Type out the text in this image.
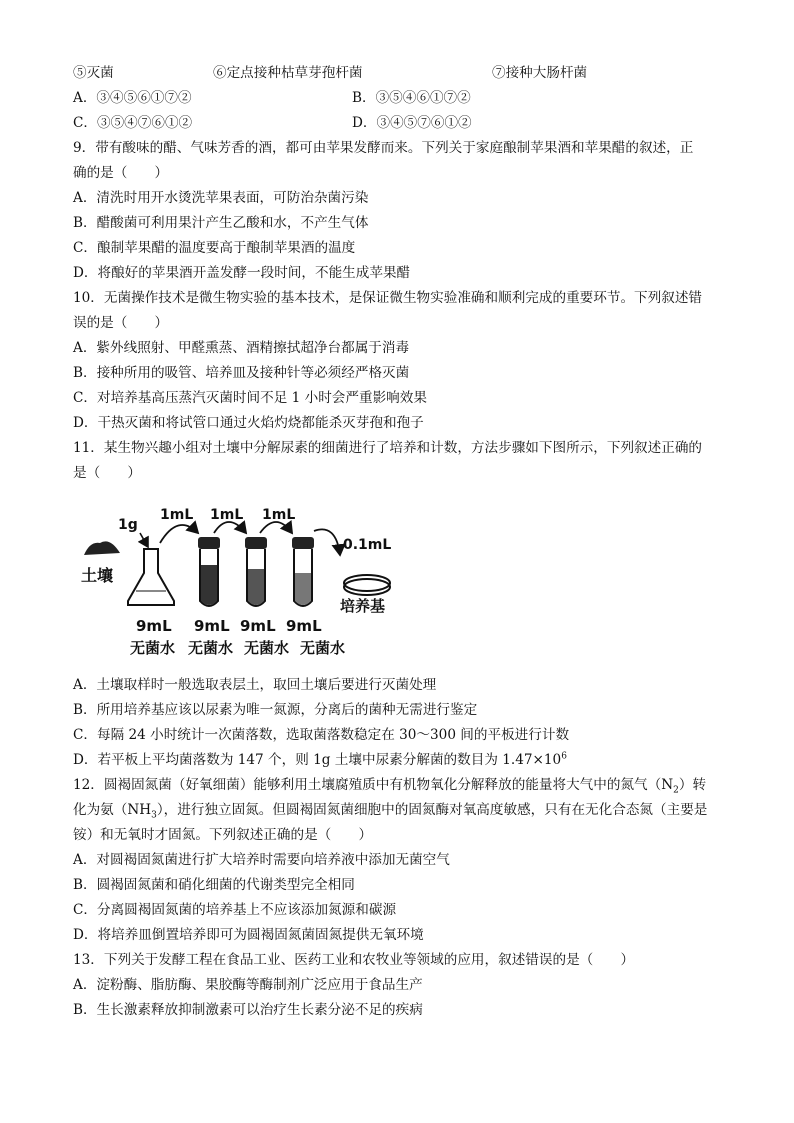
⑤灭菌	⑥定点接种枯草芽孢杆菌	⑦接种大肠杆菌
A．③④⑤⑥①⑦②	B．③⑤④⑥①⑦②
C．③⑤④⑦⑥①②	D．③④⑤⑦⑥①②
9．带有酸味的醋、气味芳香的酒，都可由苹果发酵而来。下列关于家庭酿制苹果酒和苹果醋的叙述，正
确的是（　　）
A．清洗时用开水烫洗苹果表面，可防治杂菌污染
B．醋酸菌可利用果汁产生乙酸和水，不产生气体
C．酿制苹果醋的温度要高于酿制苹果酒的温度
D．将酿好的苹果酒开盖发酵一段时间，不能生成苹果醋
10．无菌操作技术是微生物实验的基本技术，是保证微生物实验准确和顺利完成的重要环节。下列叙述错
误的是（　　）
A．紫外线照射、甲醛熏蒸、酒精擦拭超净台都属于消毒
B．接种所用的吸管、培养皿及接种针等必须经严格灭菌
C．对培养基高压蒸汽灭菌时间不足 1 小时会严重影响效果
D．干热灭菌和将试管口通过火焰灼烧都能杀灭芽孢和孢子
11．某生物兴趣小组对土壤中分解尿素的细菌进行了培养和计数，方法步骤如下图所示，下列叙述正确的
是（　　）
土壤
1g
1mL 1mL 1mL
0.1mL
培养基
9mL 9mL 9mL 9mL
无菌水 无菌水 无菌水 无菌水
A．土壤取样时一般选取表层土，取回土壤后要进行灭菌处理
B．所用培养基应该以尿素为唯一氮源，分离后的菌种无需进行鉴定
C．每隔 24 小时统计一次菌落数，选取菌落数稳定在 30～300 间的平板进行计数
D．若平板上平均菌落数为 147 个，则 1g 土壤中尿素分解菌的数目为 $1.47\times 10^6$
12．圆褐固氮菌（好氧细菌）能够利用土壤腐殖质中有机物氧化分解释放的能量将大气中的氮气$(N_2)$转
化为氨$(NH_3)$，进行独立固氮。但圆褐固氮菌细胞中的固氮酶对氧高度敏感，只有在无化合态氮（主要是
铵）和无氧时才固氮。下列叙述正确的是（　　）
A．对圆褐固氮菌进行扩大培养时需要向培养液中添加无菌空气
B．圆褐固氮菌和硝化细菌的代谢类型完全相同
C．分离圆褐固氮菌的培养基上不应该添加氮源和碳源
D．将培养皿倒置培养即可为圆褐固氮菌固氮提供无氧环境
13．下列关于发酵工程在食品工业、医药工业和农牧业等领域的应用，叙述错误的是（　　）
A．淀粉酶、脂肪酶、果胶酶等酶制剂广泛应用于食品生产
B．生长激素释放抑制激素可以治疗生长素分泌不足的疾病
